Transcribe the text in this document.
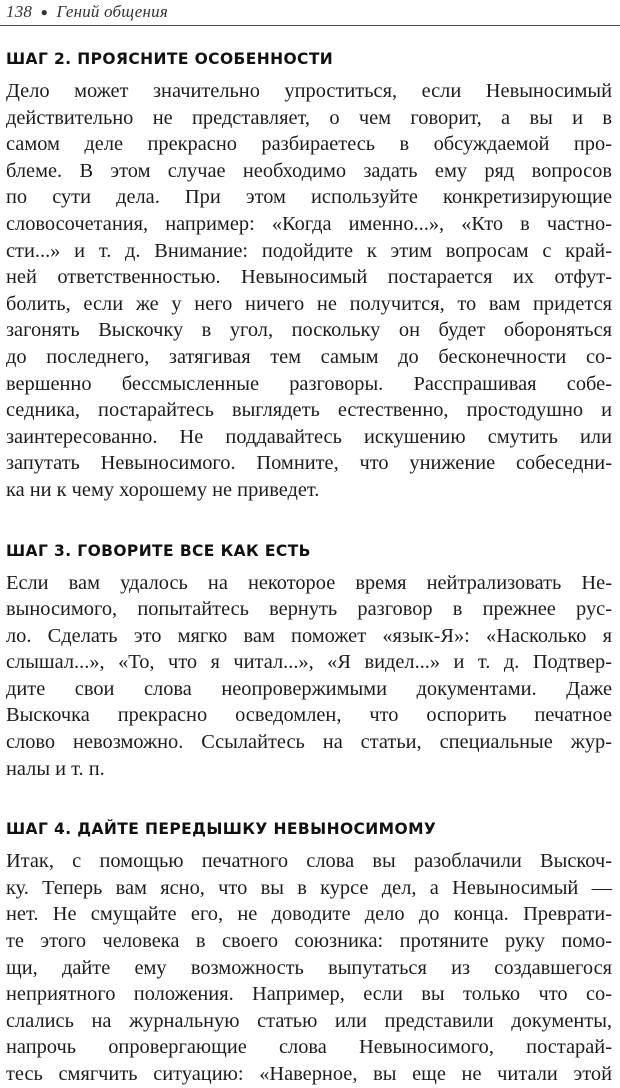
138 ● Гений общения
ШАГ 2. ПРОЯСНИТЕ ОСОБЕННОСТИ
Дело может значительно упроститься, если Невыносимый
действительно не представляет, о чем говорит, а вы и в
самом деле прекрасно разбираетесь в обсуждаемой про-
блеме. В этом случае необходимо задать ему ряд вопросов
по сути дела. При этом используйте конкретизирующие
словосочетания, например: «Когда именно...», «Кто в частно-
сти...» и т. д. Внимание: подойдите к этим вопросам с край-
ней ответственностью. Невыносимый постарается их отфут-
болить, если же у него ничего не получится, то вам придется
загонять Выскочку в угол, поскольку он будет обороняться
до последнего, затягивая тем самым до бесконечности со-
вершенно бессмысленные разговоры. Расспрашивая собе-
седника, постарайтесь выглядеть естественно, простодушно и
заинтересованно. Не поддавайтесь искушению смутить или
запутать Невыносимого. Помните, что унижение собеседни-
ка ни к чему хорошему не приведет.
ШАГ 3. ГОВОРИТЕ ВСЕ КАК ЕСТЬ
Если вам удалось на некоторое время нейтрализовать Не-
выносимого, попытайтесь вернуть разговор в прежнее рус-
ло. Сделать это мягко вам поможет «язык-Я»: «Насколько я
слышал...», «То, что я читал...», «Я видел...» и т. д. Подтвер-
дите свои слова неопровержимыми документами. Даже
Выскочка прекрасно осведомлен, что оспорить печатное
слово невозможно. Ссылайтесь на статьи, специальные жур-
налы и т. п.
ШАГ 4. ДАЙТЕ ПЕРЕДЫШКУ НЕВЫНОСИМОМУ
Итак, с помощью печатного слова вы разоблачили Выскоч-
ку. Теперь вам ясно, что вы в курсе дел, а Невыносимый —
нет. Не смущайте его, не доводите дело до конца. Преврати-
те этого человека в своего союзника: протяните руку помо-
щи, дайте ему возможность выпутаться из создавшегося
неприятного положения. Например, если вы только что со-
слались на журнальную статью или представили документы,
напрочь опровергающие слова Невыносимого, постарай-
тесь смягчить ситуацию: «Наверное, вы еще не читали этой
